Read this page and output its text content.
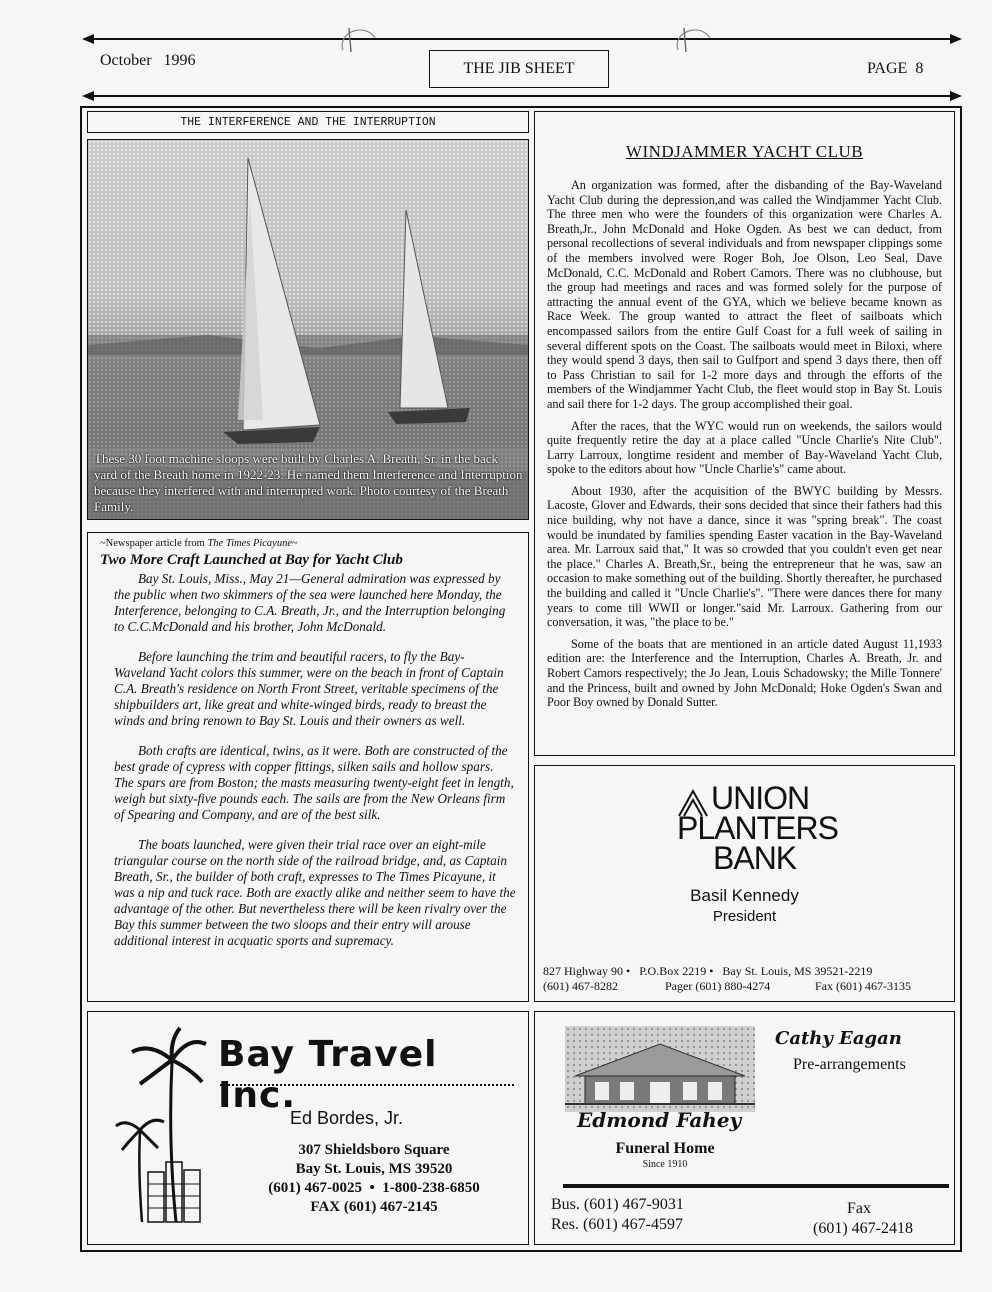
October   1996	THE JIB SHEET	PAGE  8
THE INTERFERENCE AND THE INTERRUPTION

These 30 foot machine sloops were built by Charles A. Breath, Sr. in the back yard of the Breath home in 1922-23. He named them Interference and Interruption because they interfered with and interrupted work. Photo courtesy of the Breath Family.

~Newspaper article from The Times Picayune~
Two More Craft Launched at Bay for Yacht Club

Bay St. Louis, Miss., May 21—General admiration was expressed by the public when two skimmers of the sea were launched here Monday, the Interference, belonging to C.A. Breath, Jr., and the Interruption belonging to C.C.McDonald and his brother, John McDonald.

Before launching the trim and beautiful racers, to fly the Bay-Waveland Yacht colors this summer, were on the beach in front of Captain C.A. Breath's residence on North Front Street, veritable specimens of the shipbuilders art, like great and white-winged birds, ready to breast the winds and bring renown to Bay St. Louis and their owners as well.

Both crafts are identical, twins, as it were. Both are constructed of the best grade of cypress with copper fittings, silken sails and hollow spars. The spars are from Boston; the masts measuring twenty-eight feet in length, weigh but sixty-five pounds each. The sails are from the New Orleans firm of Spearing and Company, and are of the best silk.

The boats launched, were given their trial race over an eight-mile triangular course on the north side of the railroad bridge, and, as Captain Breath, Sr., the builder of both craft, expresses to The Times Picayune, it was a nip and tuck race. Both are exactly alike and neither seem to have the advantage of the other. But nevertheless there will be keen rivalry over the Bay this summer between the two sloops and their entry will arouse additional interest in acquatic sports and supremacy.

WINDJAMMER YACHT CLUB

An organization was formed, after the disbanding of the Bay-Waveland Yacht Club during the depression,and was called the Windjammer Yacht Club. The three men who were the founders of this organization were Charles A. Breath,Jr., John McDonald and Hoke Ogden. As best we can deduct, from personal recollections of several individuals and from newspaper clippings some of the members involved were Roger Boh, Joe Olson, Leo Seal, Dave McDonald, C.C. McDonald and Robert Camors. There was no clubhouse, but the group had meetings and races and was formed solely for the purpose of attracting the annual event of the GYA, which we believe became known as Race Week. The group wanted to attract the fleet of sailboats which encompassed sailors from the entire Gulf Coast for a full week of sailing in several different spots on the Coast. The sailboats would meet in Biloxi, where they would spend 3 days, then sail to Gulfport and spend 3 days there, then off to Pass Christian to sail for 1-2 more days and through the efforts of the members of the Windjammer Yacht Club, the fleet would stop in Bay St. Louis and sail there for 1-2 days. The group accomplished their goal.

After the races, that the WYC would run on weekends, the sailors would quite frequently retire the day at a place called "Uncle Charlie's Nite Club". Larry Larroux, longtime resident and member of Bay-Waveland Yacht Club, spoke to the editors about how "Uncle Charlie's" came about.

About 1930, after the acquisition of the BWYC building by Messrs. Lacoste, Glover and Edwards, their sons decided that since their fathers had this nice building, why not have a dance, since it was "spring break". The coast would be inundated by families spending Easter vacation in the Bay-Waveland area. Mr. Larroux said that," It was so crowded that you couldn't even get near the place." Charles A. Breath,Sr., being the entrepreneur that he was, saw an occasion to make something out of the building. Shortly thereafter, he purchased the building and called it "Uncle Charlie's". "There were dances there for many years to come till WWII or longer."said Mr. Larroux. Gathering from our conversation, it was, "the place to be."

Some of the boats that are mentioned in an article dated August 11,1933 edition are: the Interference and the Interruption, Charles A. Breath, Jr. and Robert Camors respectively; the Jo Jean, Louis Schadowsky; the Mille Tonnere' and the Princess, built and owned by John McDonald; Hoke Ogden's Swan and Poor Boy owned by Donald Sutter.

UNION
PLANTERS
BANK
Basil Kennedy
President
827 Highway 90 •   P.O.Box 2219 •   Bay St. Louis, MS 39521-2219
(601) 467-8282	Pager (601) 880-4274	Fax (601) 467-3135
Bay Travel Inc.
Ed Bordes, Jr.
307 Shieldsboro Square
Bay St. Louis, MS 39520
(601) 467-0025  •  1-800-238-6850
FAX (601) 467-2145
Cathy Eagan
Pre-arrangements
Edmond Fahey
Funeral Home
Since 1910
Bus. (601) 467-9031
Res. (601) 467-4597
Fax
(601) 467-2418
